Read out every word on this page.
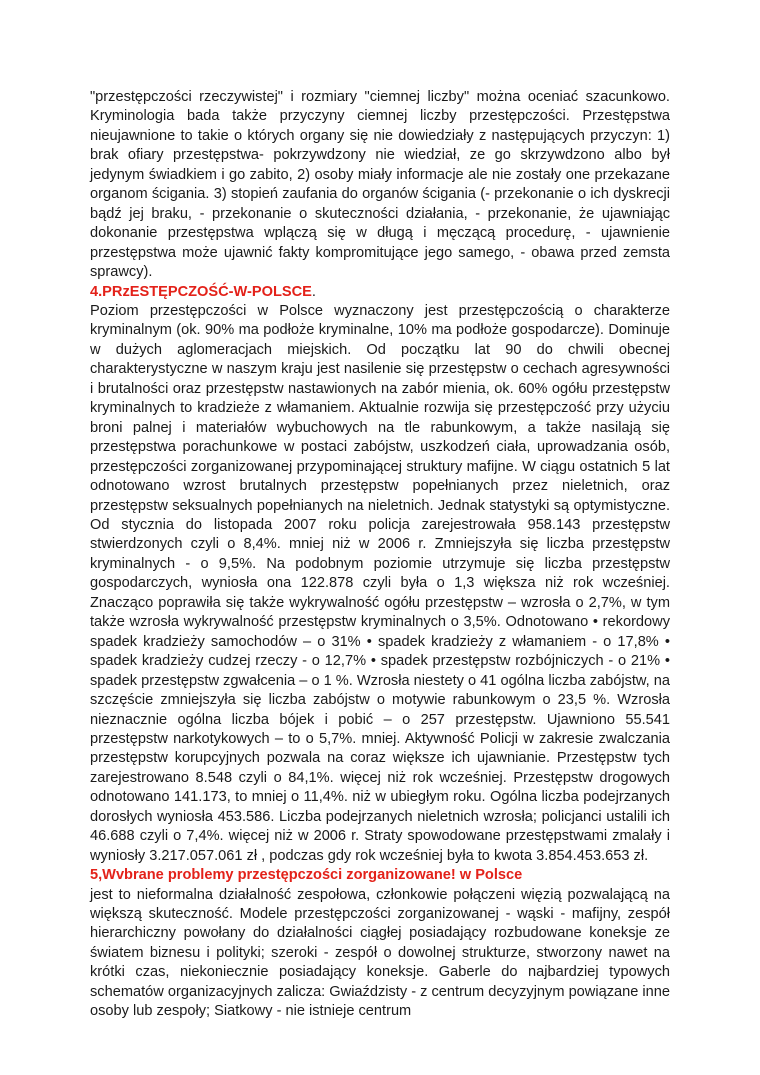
"przestępczości rzeczywistej" i rozmiary "ciemnej liczby" można oceniać szacunkowo. Kryminologia bada także przyczyny ciemnej liczby przestępczości. Przestępstwa nieujawnione to takie o których organy się nie dowiedziały z następujących przyczyn: 1) brak ofiary przestępstwa- pokrzywdzony nie wiedział, ze go skrzywdzono albo był jedynym świadkiem i go zabito, 2) osoby miały informacje ale nie zostały one przekazane organom ścigania. 3) stopień zaufania do organów ścigania (- przekonanie o ich dyskrecji bądź jej braku, - przekonanie o skuteczności działania, - przekonanie, że ujawniając dokonanie przestępstwa wplączą się w długą i męczącą procedurę, - ujawnienie przestępstwa może ujawnić fakty kompromitujące jego samego, - obawa przed zemsta sprawcy).

4.PRzESTĘPCZOŚĆ-W-POLSCE.

Poziom przestępczości w Polsce wyznaczony jest przestępczością o charakterze kryminalnym (ok. 90% ma podłoże kryminalne, 10% ma podłoże gospodarcze). Dominuje w dużych aglomeracjach miejskich. Od początku lat 90 do chwili obecnej charakterystyczne w naszym kraju jest nasilenie się przestępstw o cechach agresywności i brutalności oraz przestępstw nastawionych na zabór mienia, ok. 60% ogółu przestępstw kryminalnych to kradzieże z włamaniem. Aktualnie rozwija się przestępczość przy użyciu broni palnej i materiałów wybuchowych na tle rabunkowym, a także nasilają się przestępstwa porachunkowe w postaci zabójstw, uszkodzeń ciała, uprowadzania osób, przestępczości zorganizowanej przypominającej struktury mafijne. W ciągu ostatnich 5 lat odnotowano wzrost brutalnych przestępstw popełnianych przez nieletnich, oraz przestępstw seksualnych popełnianych na nieletnich. Jednak statystyki są optymistyczne. Od stycznia do listopada 2007 roku policja zarejestrowała 958.143 przestępstw stwierdzonych czyli o 8,4%. mniej niż w 2006 r. Zmniejszyła się liczba przestępstw kryminalnych - o 9,5%. Na podobnym poziomie utrzymuje się liczba przestępstw gospodarczych, wyniosła ona 122.878 czyli była o 1,3 większa niż rok wcześniej. Znacząco poprawiła się także wykrywalność ogółu przestępstw – wzrosła o 2,7%, w tym także wzrosła wykrywalność przestępstw kryminalnych o 3,5%. Odnotowano • rekordowy spadek kradzieży samochodów – o 31% • spadek kradzieży z włamaniem - o 17,8% • spadek kradzieży cudzej rzeczy - o 12,7% • spadek przestępstw rozbójniczych - o 21% • spadek przestępstw zgwałcenia – o 1 %. Wzrosła niestety o 41 ogólna liczba zabójstw, na szczęście zmniejszyła się liczba zabójstw o motywie rabunkowym o 23,5 %. Wzrosła nieznacznie ogólna liczba bójek i pobić – o 257 przestępstw. Ujawniono 55.541 przestępstw narkotykowych – to o 5,7%. mniej. Aktywność Policji w zakresie zwalczania przestępstw korupcyjnych pozwala na coraz większe ich ujawnianie. Przestępstw tych zarejestrowano 8.548 czyli o 84,1%. więcej niż rok wcześniej. Przestępstw drogowych odnotowano 141.173, to mniej o 11,4%. niż w ubiegłym roku. Ogólna liczba podejrzanych dorosłych wyniosła 453.586. Liczba podejrzanych nieletnich wzrosła; policjanci ustalili ich 46.688 czyli o 7,4%. więcej niż w 2006 r. Straty spowodowane przestępstwami zmalały i wyniosły 3.217.057.061 zł , podczas gdy rok wcześniej była to kwota 3.854.453.653 zł.

5,Wvbrane problemy przestępczości zorganizowane! w Polsce

jest to nieformalna działalność zespołowa, członkowie połączeni więzią pozwalającą na większą skuteczność. Modele przestępczości zorganizowanej - wąski - mafijny, zespół hierarchiczny powołany do działalności ciągłej posiadający rozbudowane koneksje ze światem biznesu i polityki; szeroki - zespół o dowolnej strukturze, stworzony nawet na krótki czas, niekoniecznie posiadający koneksje. Gaberle do najbardziej typowych schematów organizacyjnych zalicza: Gwiaździsty - z centrum decyzyjnym powiązane inne osoby lub zespoły; Siatkowy - nie istnieje centrum
